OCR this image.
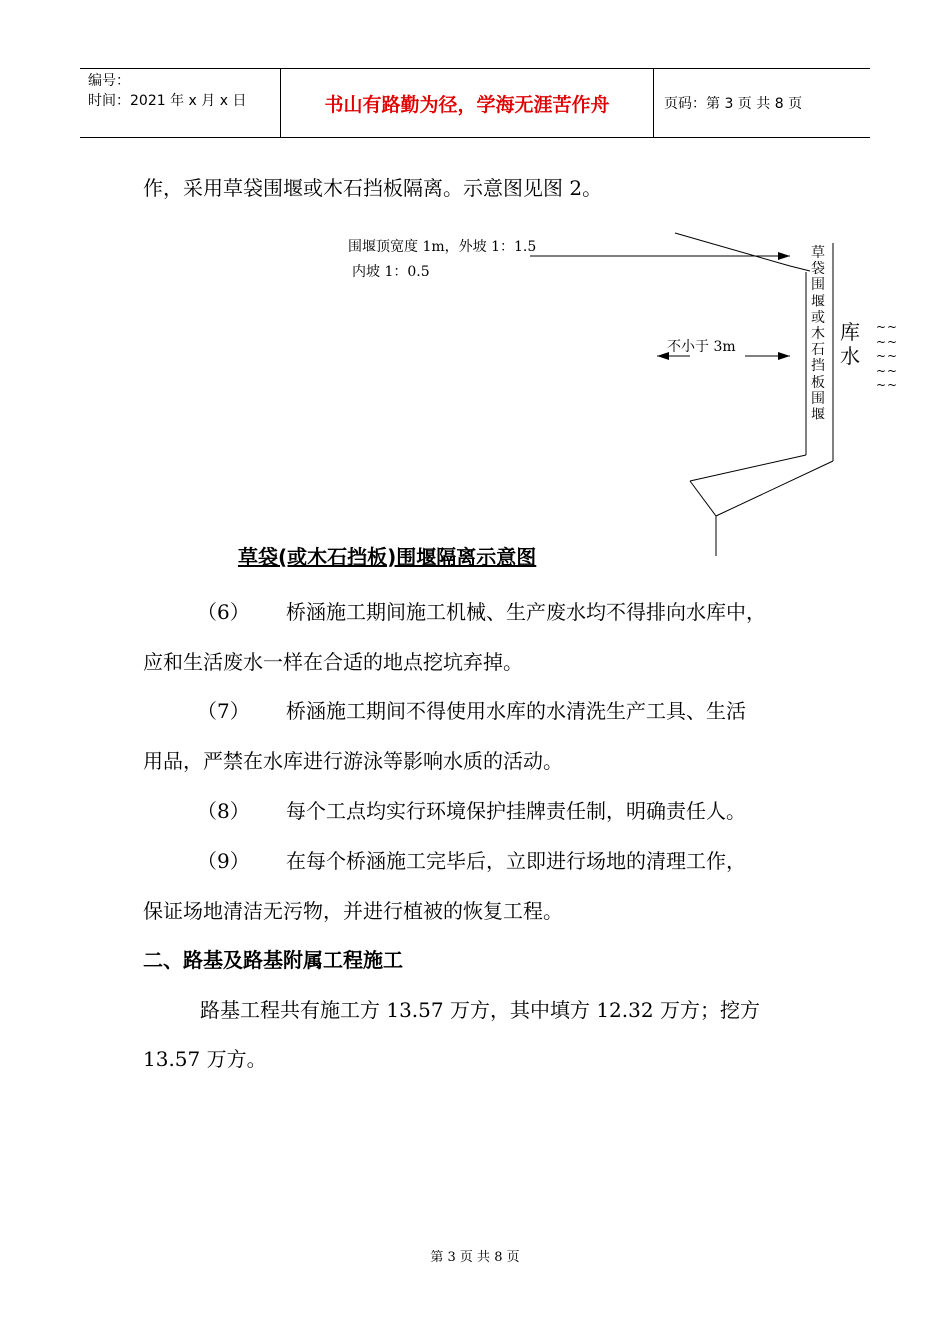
编号：
时间：2021 年 x 月 x 日	书山有路勤为径，学海无涯苦作舟	页码：第 3 页 共 8 页
作，采用草袋围堰或木石挡板隔离。示意图见图 2。
围堰顶宽度 1m，外坡 1：1.5
内坡 1：0.5
不小于 3m
草
袋
围
堰
或
木
石
挡
板
围
堰
库
水
~~
~~
~~
~~
~~
草袋(或木石挡板)围堰隔离示意图
（6） 桥涵施工期间施工机械、生产废水均不得排向水库中，
应和生活废水一样在合适的地点挖坑弃掉。
（7） 桥涵施工期间不得使用水库的水清洗生产工具、生活
用品，严禁在水库进行游泳等影响水质的活动。
（8） 每个工点均实行环境保护挂牌责任制，明确责任人。
（9） 在每个桥涵施工完毕后，立即进行场地的清理工作，
保证场地清洁无污物，并进行植被的恢复工程。
二、路基及路基附属工程施工
路基工程共有施工方 13.57 万方，其中填方 12.32 万方；挖方
13.57 万方。
第 3 页 共 8 页
